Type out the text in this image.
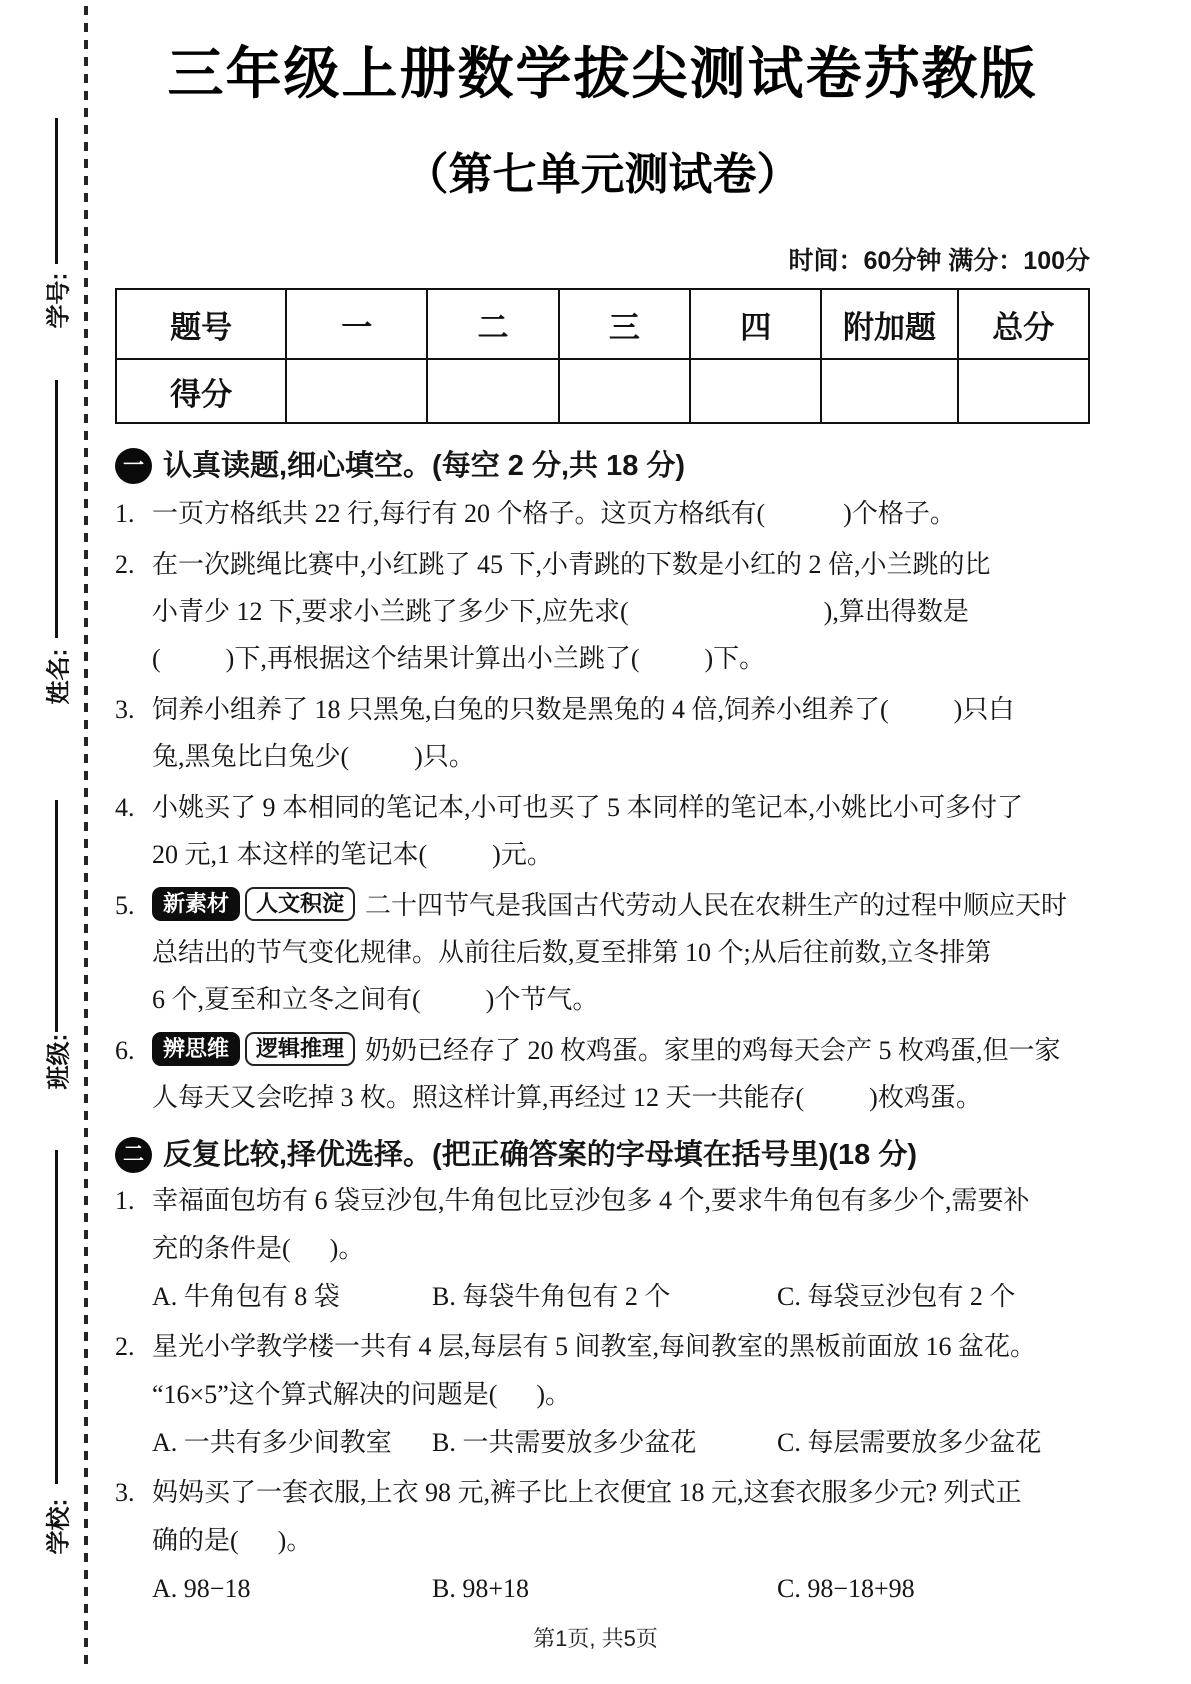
学号:
姓名:
班级:
学校:
三年级上册数学拔尖测试卷苏教版
（第七单元测试卷）
时间：60分钟 满分：100分
题号	一	二	三	四	附加题	总分
得分						
一 认真读题,细心填空。(每空 2 分,共 18 分)
1. 一页方格纸共 22 行,每行有 20 个格子。这页方格纸有(            )个格子。
2. 在一次跳绳比赛中,小红跳了 45 下,小青跳的下数是小红的 2 倍,小兰跳的比
小青少 12 下,要求小兰跳了多少下,应先求(                              ),算出得数是
(          )下,再根据这个结果计算出小兰跳了(          )下。
3. 饲养小组养了 18 只黑兔,白兔的只数是黑兔的 4 倍,饲养小组养了(          )只白
兔,黑兔比白兔少(          )只。
4. 小姚买了 9 本相同的笔记本,小可也买了 5 本同样的笔记本,小姚比小可多付了
20 元,1 本这样的笔记本(          )元。
5.	新素材	人文积淀 二十四节气是我国古代劳动人民在农耕生产的过程中顺应天时
总结出的节气变化规律。从前往后数,夏至排第 10 个;从后往前数,立冬排第
6 个,夏至和立冬之间有(          )个节气。
6.	辨思维	逻辑推理 奶奶已经存了 20 枚鸡蛋。家里的鸡每天会产 5 枚鸡蛋,但一家
人每天又会吃掉 3 枚。照这样计算,再经过 12 天一共能存(          )枚鸡蛋。
二 反复比较,择优选择。(把正确答案的字母填在括号里)(18 分)
1. 幸福面包坊有 6 袋豆沙包,牛角包比豆沙包多 4 个,要求牛角包有多少个,需要补
充的条件是(      )。
A. 牛角包有 8 袋	B. 每袋牛角包有 2 个	C. 每袋豆沙包有 2 个
2. 星光小学教学楼一共有 4 层,每层有 5 间教室,每间教室的黑板前面放 16 盆花。
“16×5”这个算式解决的问题是(      )。
A. 一共有多少间教室	B. 一共需要放多少盆花	C. 每层需要放多少盆花
3. 妈妈买了一套衣服,上衣 98 元,裤子比上衣便宜 18 元,这套衣服多少元? 列式正
确的是(      )。
A. 98−18	B. 98+18	C. 98−18+98
第1页, 共5页
